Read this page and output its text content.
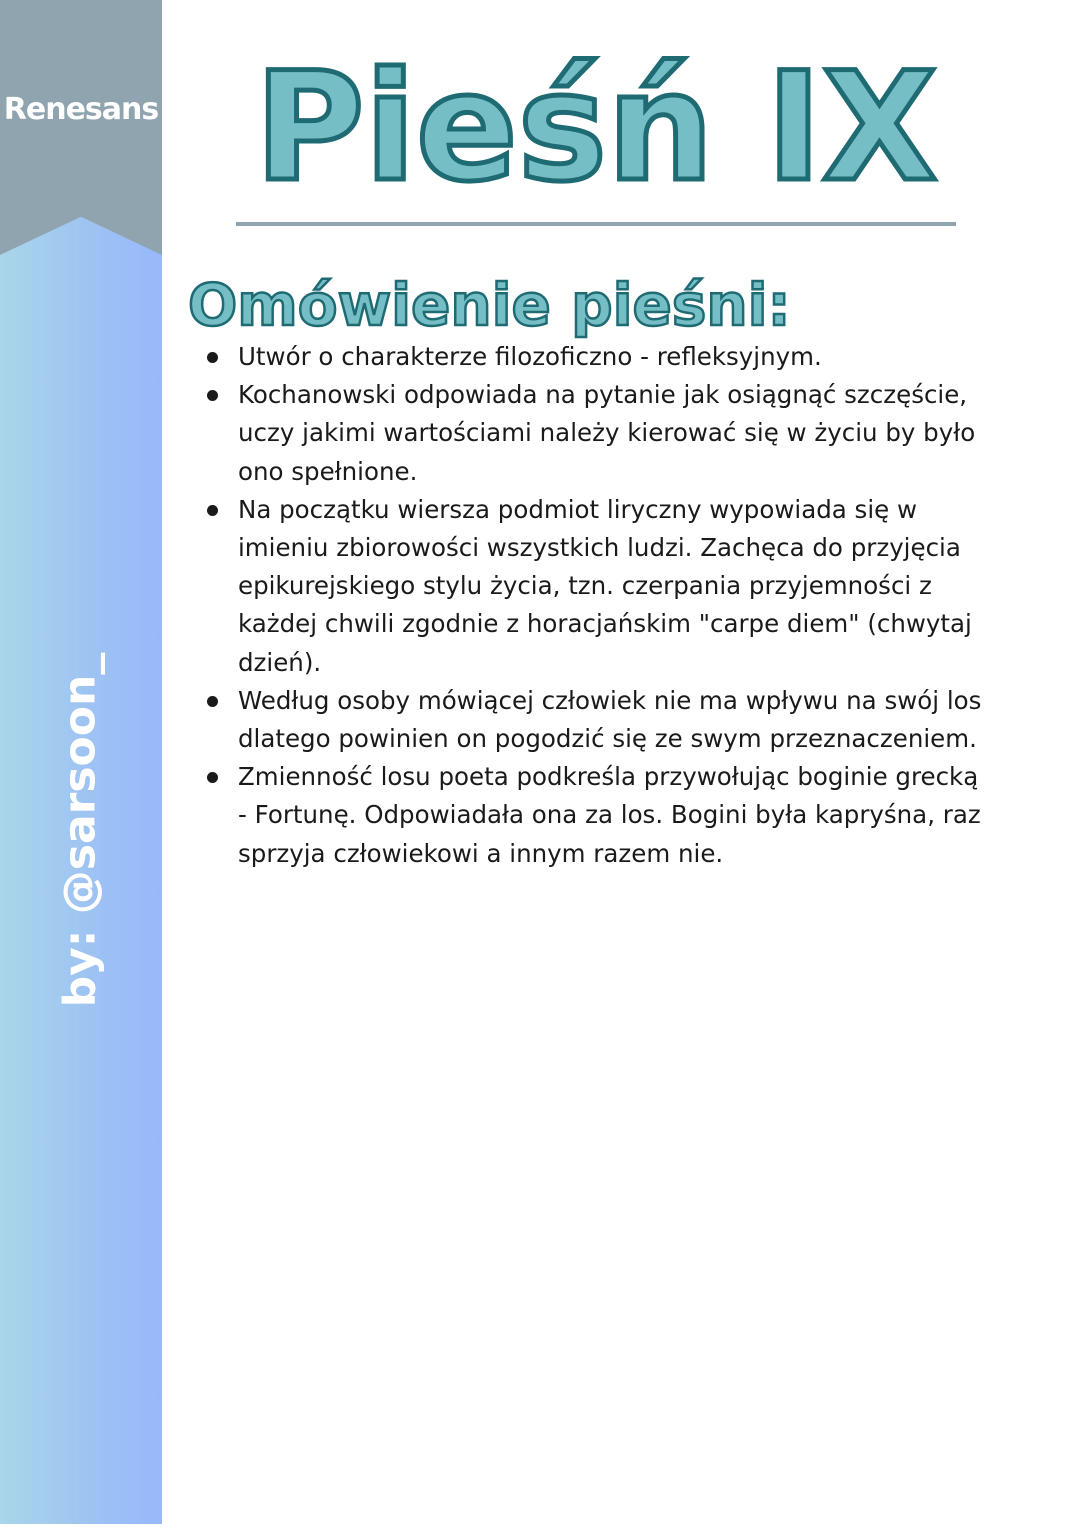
Renesans
by: @sarsoon_
Pieśń IX
Omówienie pieśni:
Utwór o charakterze filozoficzno - refleksyjnym.
Kochanowski odpowiada na pytanie jak osiągnąć szczęście, uczy jakimi wartościami należy kierować się w życiu by było ono spełnione.
Na początku wiersza podmiot liryczny wypowiada się w imieniu zbiorowości wszystkich ludzi. Zachęca do przyjęcia epikurejskiego stylu życia, tzn. czerpania przyjemności z każdej chwili zgodnie z horacjańskim "carpe diem" (chwytaj dzień).
Według osoby mówiącej człowiek nie ma wpływu na swój los dlatego powinien on pogodzić się ze swym przeznaczeniem.
Zmienność losu poeta podkreśla przywołując boginie grecką - Fortunę. Odpowiadała ona za los. Bogini była kapryśna, raz sprzyja człowiekowi a innym razem nie.
